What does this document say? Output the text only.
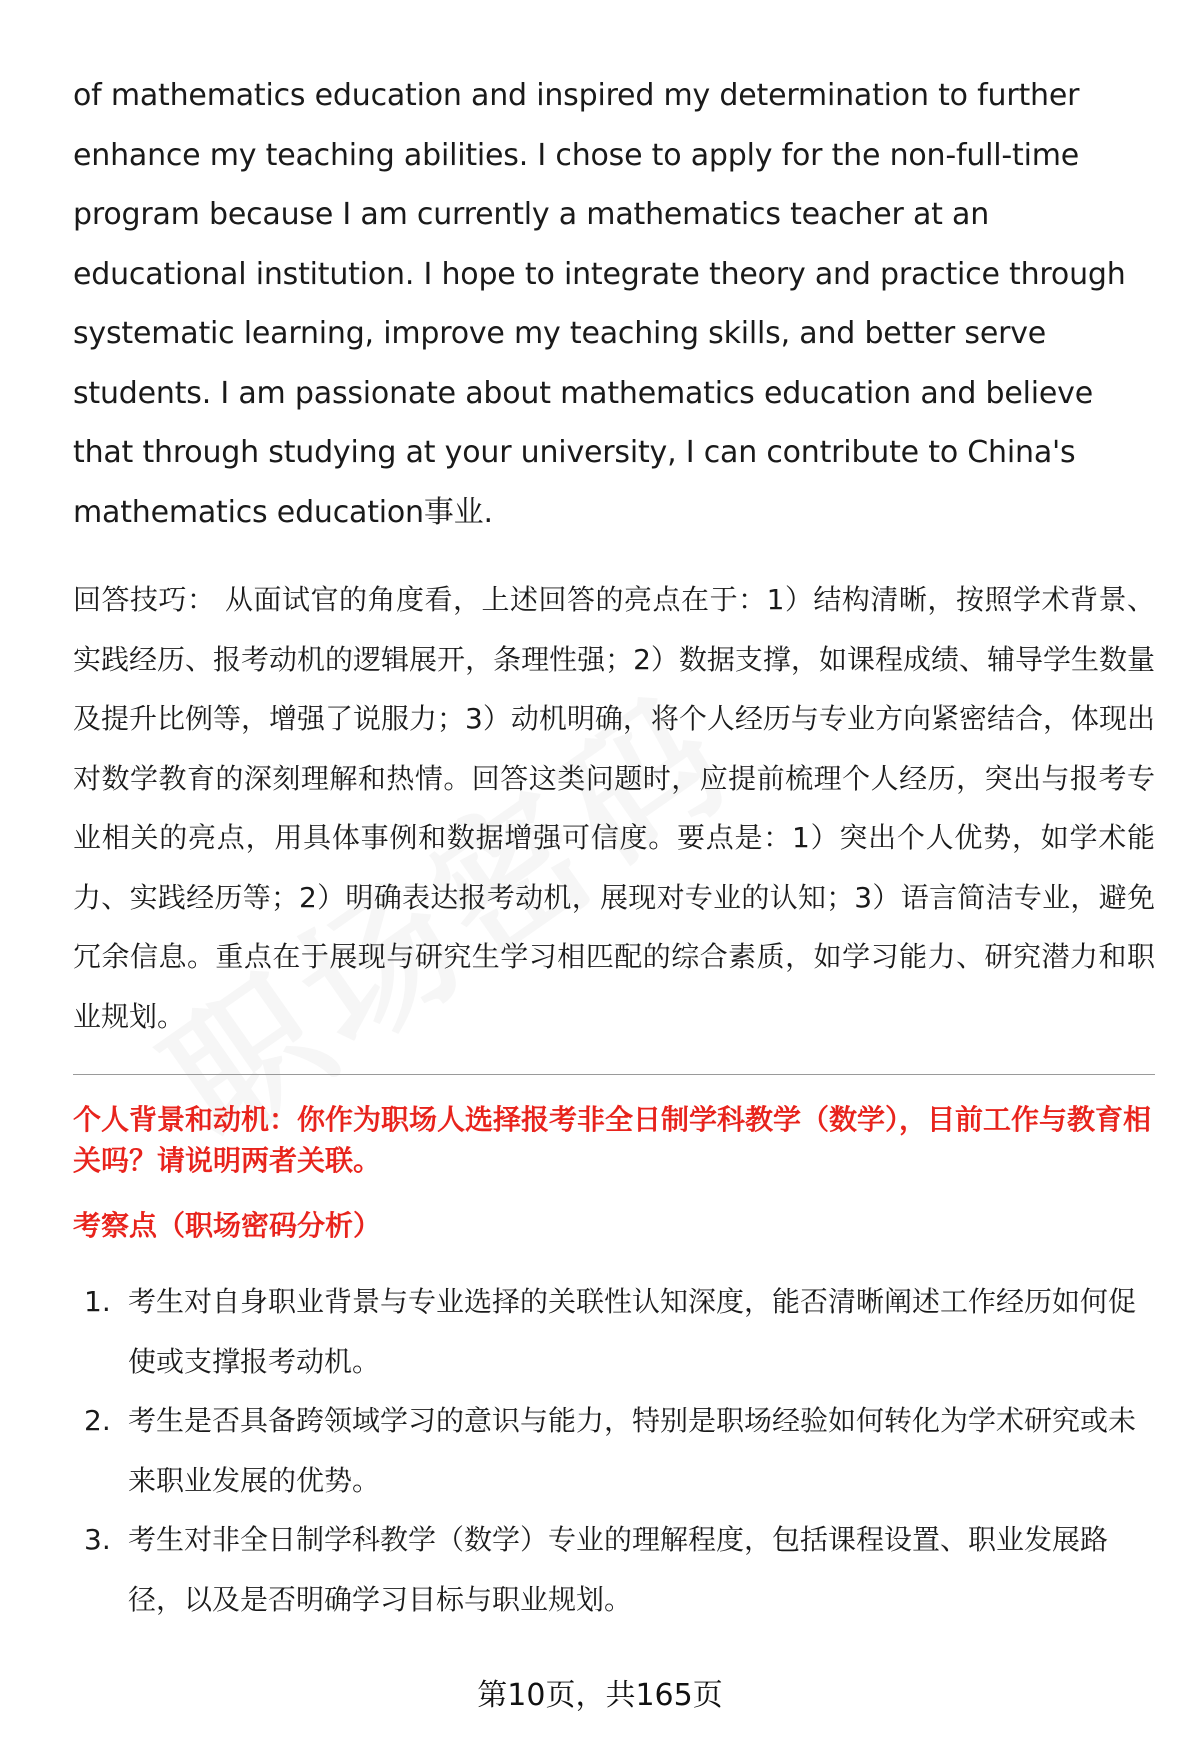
of mathematics education and inspired my determination to further enhance my teaching abilities. I chose to apply for the non-full-time program because I am currently a mathematics teacher at an educational institution. I hope to integrate theory and practice through systematic learning, improve my teaching skills, and better serve students. I am passionate about mathematics education and believe that through studying at your university, I can contribute to China's mathematics education事业.

回答技巧： 从面试官的角度看，上述回答的亮点在于：1）结构清晰，按照学术背景、实践经历、报考动机的逻辑展开，条理性强；2）数据支撑，如课程成绩、辅导学生数量及提升比例等，增强了说服力；3）动机明确，将个人经历与专业方向紧密结合，体现出对数学教育的深刻理解和热情。回答这类问题时，应提前梳理个人经历，突出与报考专业相关的亮点，用具体事例和数据增强可信度。要点是：1）突出个人优势，如学术能力、实践经历等；2）明确表达报考动机，展现对专业的认知；3）语言简洁专业，避免冗余信息。重点在于展现与研究生学习相匹配的综合素质，如学习能力、研究潜力和职业规划。
个人背景和动机：你作为职场人选择报考非全日制学科教学（数学），目前工作与教育相关吗？请说明两者关联。
考察点（职场密码分析）
1. 考生对自身职业背景与专业选择的关联性认知深度，能否清晰阐述工作经历如何促使或支撑报考动机。
2. 考生是否具备跨领域学习的意识与能力，特别是职场经验如何转化为学术研究或未来职业发展的优势。
3. 考生对非全日制学科教学（数学）专业的理解程度，包括课程设置、职业发展路径，以及是否明确学习目标与职业规划。
第10页，共165页
